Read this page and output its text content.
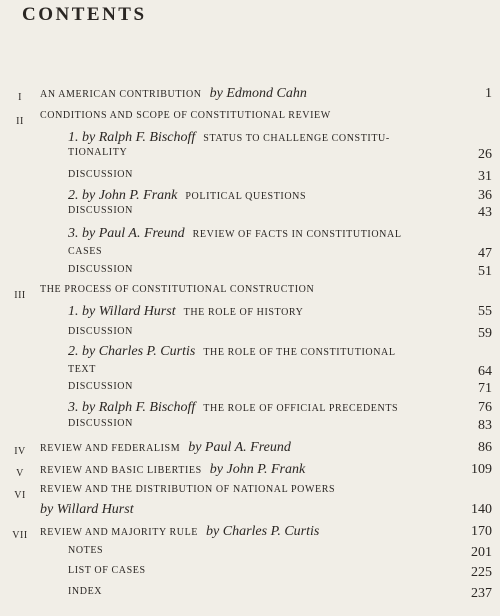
CONTENTS
I	AN AMERICAN CONTRIBUTION by Edmond Cahn	1
II
CONDITIONS AND SCOPE OF CONSTITUTIONAL REVIEW
1. by Ralph F. Bischoff STATUS TO CHALLENGE CONSTITU-
TIONALITY	26
DISCUSSION	31
2. by John P. Frank POLITICAL QUESTIONS	36
DISCUSSION	43
3. by Paul A. Freund REVIEW OF FACTS IN CONSTITUTIONAL
CASES	47
DISCUSSION	51
III
THE PROCESS OF CONSTITUTIONAL CONSTRUCTION
1. by Willard Hurst THE ROLE OF HISTORY	55
DISCUSSION	59
2. by Charles P. Curtis THE ROLE OF THE CONSTITUTIONAL
TEXT	64
DISCUSSION	71
3. by Ralph F. Bischoff THE ROLE OF OFFICIAL PRECEDENTS	76
DISCUSSION	83
IV	REVIEW AND FEDERALISM by Paul A. Freund	86
V	REVIEW AND BASIC LIBERTIES by John P. Frank	109
VI
REVIEW AND THE DISTRIBUTION OF NATIONAL POWERS
by Willard Hurst	140
VII	REVIEW AND MAJORITY RULE by Charles P. Curtis	170
NOTES	201
LIST OF CASES	225
INDEX	237
